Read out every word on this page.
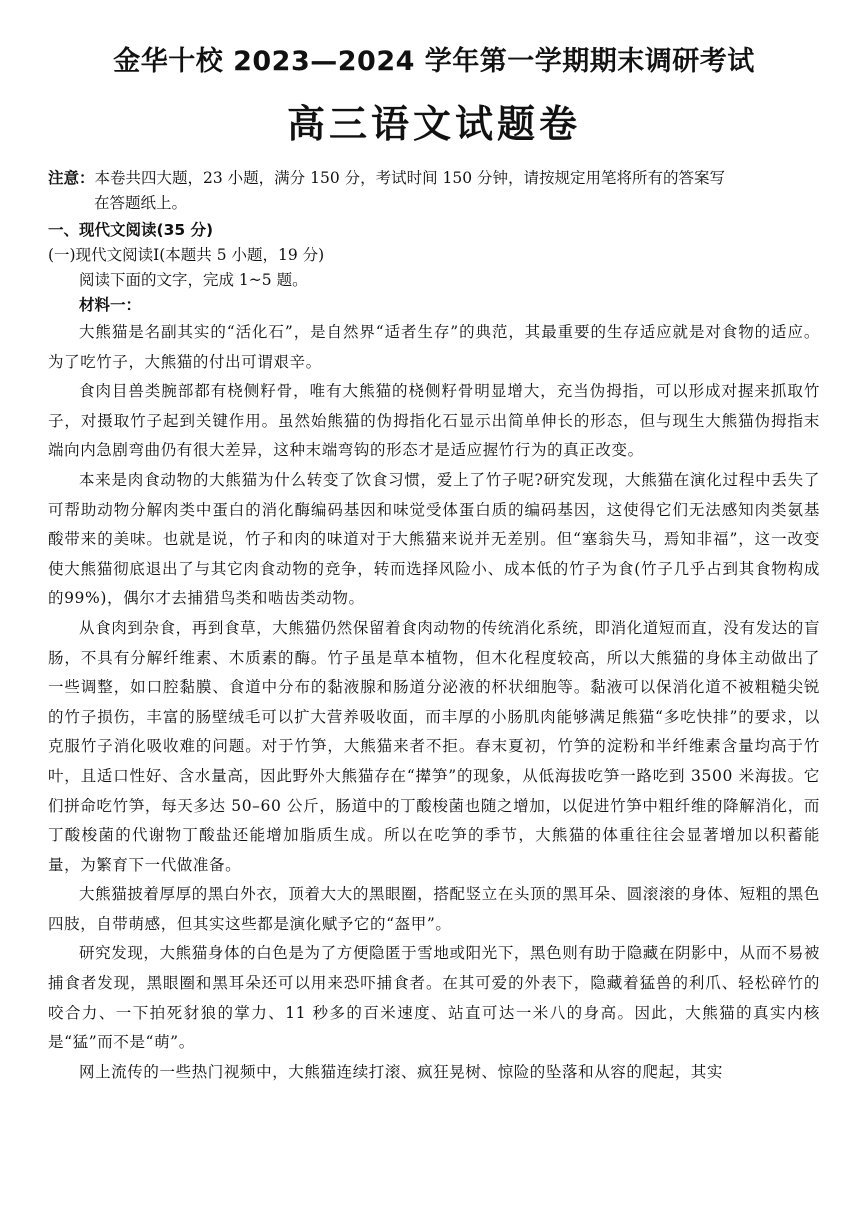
金华十校 2023—2024 学年第一学期期末调研考试
高三语文试题卷

注意：本卷共四大题，23 小题，满分 150 分，考试时间 150 分钟，请按规定用笔将所有的答案写
在答题纸上。

一、现代文阅读(35 分)

(一)现代文阅读Ⅰ(本题共 5 小题，19 分)

阅读下面的文字，完成 1~5 题。

材料一：

大熊猫是名副其实的“活化石”，是自然界“适者生存”的典范，其最重要的生存适应就是对食物的适应。为了吃竹子，大熊猫的付出可谓艰辛。

食肉目兽类腕部都有桡侧籽骨，唯有大熊猫的桡侧籽骨明显增大，充当伪拇指，可以形成对握来抓取竹子，对摄取竹子起到关键作用。虽然始熊猫的伪拇指化石显示出简单伸长的形态，但与现生大熊猫伪拇指末端向内急剧弯曲仍有很大差异，这种末端弯钩的形态才是适应握竹行为的真正改变。

本来是肉食动物的大熊猫为什么转变了饮食习惯，爱上了竹子呢?研究发现，大熊猫在演化过程中丢失了可帮助动物分解肉类中蛋白的消化酶编码基因和味觉受体蛋白质的编码基因，这使得它们无法感知肉类氨基酸带来的美味。也就是说，竹子和肉的味道对于大熊猫来说并无差别。但“塞翁失马，焉知非福”，这一改变使大熊猫彻底退出了与其它肉食动物的竞争，转而选择风险小、成本低的竹子为食(竹子几乎占到其食物构成的99%)，偶尔才去捕猎鸟类和啮齿类动物。

从食肉到杂食，再到食草，大熊猫仍然保留着食肉动物的传统消化系统，即消化道短而直，没有发达的盲肠，不具有分解纤维素、木质素的酶。竹子虽是草本植物，但木化程度较高，所以大熊猫的身体主动做出了一些调整，如口腔黏膜、食道中分布的黏液腺和肠道分泌液的杯状细胞等。黏液可以保消化道不被粗糙尖锐的竹子损伤，丰富的肠壁绒毛可以扩大营养吸收面，而丰厚的小肠肌肉能够满足熊猫“多吃快排”的要求，以克服竹子消化吸收难的问题。对于竹笋，大熊猫来者不拒。春末夏初，竹笋的淀粉和半纤维素含量均高于竹叶，且适口性好、含水量高，因此野外大熊猫存在“撵笋”的现象，从低海拔吃笋一路吃到 3500 米海拔。它们拼命吃竹笋，每天多达 50–60 公斤，肠道中的丁酸梭菌也随之增加，以促进竹笋中粗纤维的降解消化，而丁酸梭菌的代谢物丁酸盐还能增加脂质生成。所以在吃笋的季节，大熊猫的体重往往会显著增加以积蓄能量，为繁育下一代做准备。

大熊猫披着厚厚的黑白外衣，顶着大大的黑眼圈，搭配竖立在头顶的黑耳朵、圆滚滚的身体、短粗的黑色四肢，自带萌感，但其实这些都是演化赋予它的“盔甲”。

研究发现，大熊猫身体的白色是为了方便隐匿于雪地或阳光下，黑色则有助于隐藏在阴影中，从而不易被捕食者发现，黑眼圈和黑耳朵还可以用来恐吓捕食者。在其可爱的外表下，隐藏着猛兽的利爪、轻松碎竹的咬合力、一下拍死豺狼的掌力、11 秒多的百米速度、站直可达一米八的身高。因此，大熊猫的真实内核是“猛”而不是“萌”。

网上流传的一些热门视频中，大熊猫连续打滚、疯狂晃树、惊险的坠落和从容的爬起，其实
